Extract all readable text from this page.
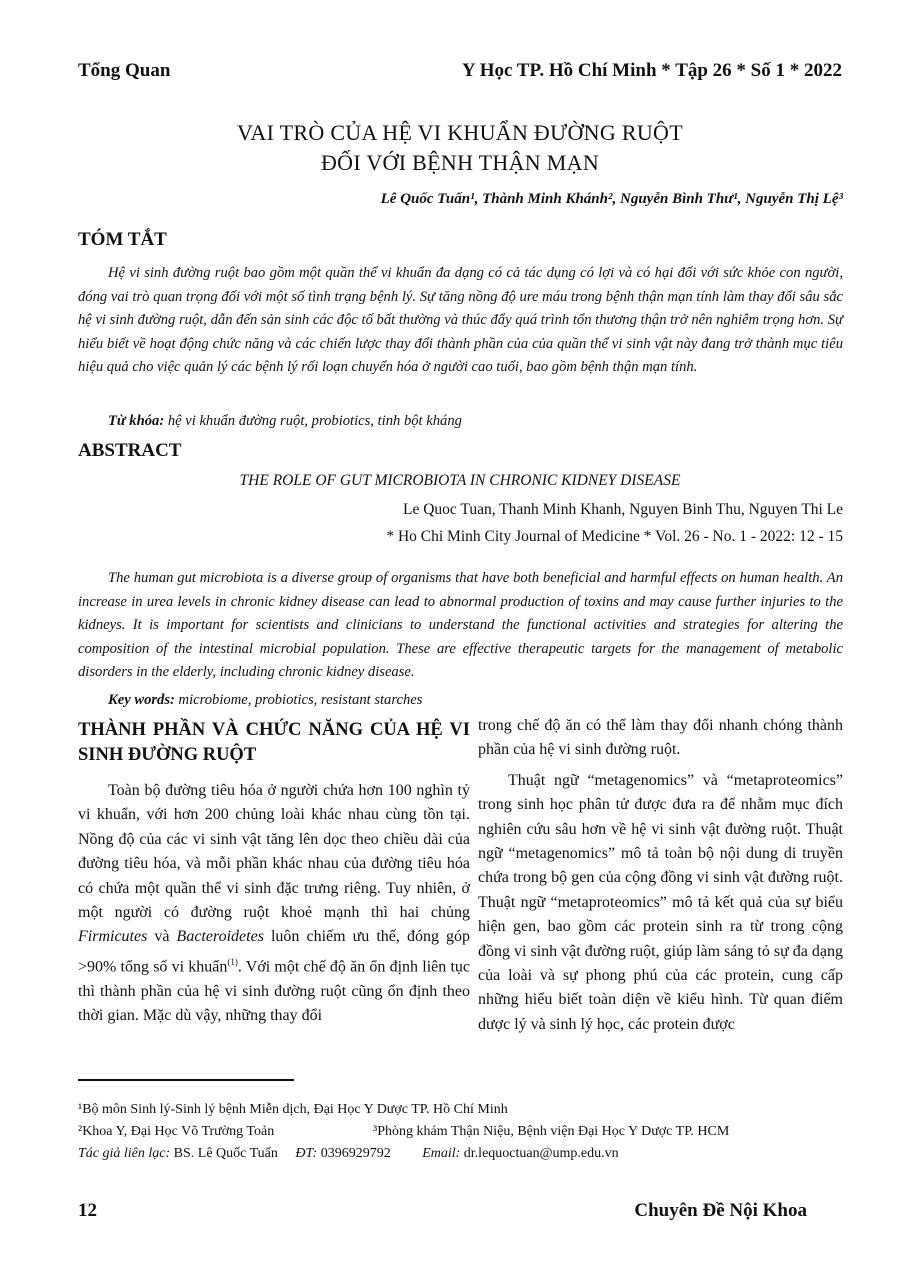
Tổng Quan	Y Học TP. Hồ Chí Minh * Tập 26 * Số 1 * 2022
VAI TRÒ CỦA HỆ VI KHUẨN ĐƯỜNG RUỘT
ĐỐI VỚI BỆNH THẬN MẠN
Lê Quốc Tuấn¹, Thành Minh Khánh², Nguyễn Bình Thư¹, Nguyễn Thị Lệ³
TÓM TẮT
Hệ vi sinh đường ruột bao gồm một quần thể vi khuẩn đa dạng có cả tác dụng có lợi và có hại đối với sức khỏe con người, đóng vai trò quan trọng đối với một số tình trạng bệnh lý. Sự tăng nồng độ ure máu trong bệnh thận mạn tính làm thay đổi sâu sắc hệ vi sinh đường ruột, dẫn đến sản sinh các độc tố bất thường và thúc đẩy quá trình tổn thương thận trở nên nghiêm trọng hơn. Sự hiểu biết về hoạt động chức năng và các chiến lược thay đổi thành phần của của quần thể vi sinh vật này đang trở thành mục tiêu hiệu quả cho việc quản lý các bệnh lý rối loạn chuyển hóa ở người cao tuổi, bao gồm bệnh thận mạn tính.
Từ khóa: hệ vi khuẩn đường ruột, probiotics, tinh bột kháng
ABSTRACT
THE ROLE OF GUT MICROBIOTA IN CHRONIC KIDNEY DISEASE
Le Quoc Tuan, Thanh Minh Khanh, Nguyen Binh Thu, Nguyen Thi Le
* Ho Chi Minh City Journal of Medicine * Vol. 26 - No. 1 - 2022: 12 - 15
The human gut microbiota is a diverse group of organisms that have both beneficial and harmful effects on human health. An increase in urea levels in chronic kidney disease can lead to abnormal production of toxins and may cause further injuries to the kidneys. It is important for scientists and clinicians to understand the functional activities and strategies for altering the composition of the intestinal microbial population. These are effective therapeutic targets for the management of metabolic disorders in the elderly, including chronic kidney disease.
Key words: microbiome, probiotics, resistant starches
THÀNH PHẦN VÀ CHỨC NĂNG CỦA HỆ VI SINH ĐƯỜNG RUỘT

Toàn bộ đường tiêu hóa ở người chứa hơn 100 nghìn tỷ vi khuẩn, với hơn 200 chủng loài khác nhau cùng tồn tại. Nồng độ của các vi sinh vật tăng lên dọc theo chiều dài của đường tiêu hóa, và mỗi phần khác nhau của đường tiêu hóa có chứa một quần thể vi sinh đặc trưng riêng. Tuy nhiên, ở một người có đường ruột khoẻ mạnh thì hai chủng Firmicutes và Bacteroidetes luôn chiếm ưu thế, đóng góp >90% tổng số vi khuẩn$^{(1)}$. Với một chế độ ăn ổn định liên tục thì thành phần của hệ vi sinh đường ruột cũng ổn định theo thời gian. Mặc dù vậy, những thay đổi

trong chế độ ăn có thể làm thay đổi nhanh chóng thành phần của hệ vi sinh đường ruột.

Thuật ngữ “metagenomics” và “metaproteomics” trong sinh học phân tử được đưa ra để nhằm mục đích nghiên cứu sâu hơn về hệ vi sinh vật đường ruột. Thuật ngữ “metagenomics” mô tả toàn bộ nội dung di truyền chứa trong bộ gen của cộng đồng vi sinh vật đường ruột. Thuật ngữ “metaproteomics” mô tả kết quả của sự biểu hiện gen, bao gồm các protein sinh ra từ trong cộng đồng vi sinh vật đường ruột, giúp làm sáng tỏ sự đa dạng của loài và sự phong phú của các protein, cung cấp những hiểu biết toàn diện về kiểu hình. Từ quan điểm dược lý và sinh lý học, các protein được

¹Bộ môn Sinh lý-Sinh lý bệnh Miễn dịch, Đại Học Y Dược TP. Hồ Chí Minh
²Khoa Y, Đại Học Võ Trường Toản	³Phòng khám Thận Niệu, Bệnh viện Đại Học Y Dược TP. HCM
Tác giả liên lạc: BS. Lê Quốc Tuấn ĐT: 0396929792 Email: dr.lequoctuan@ump.edu.vn
12	Chuyên Đề Nội Khoa
